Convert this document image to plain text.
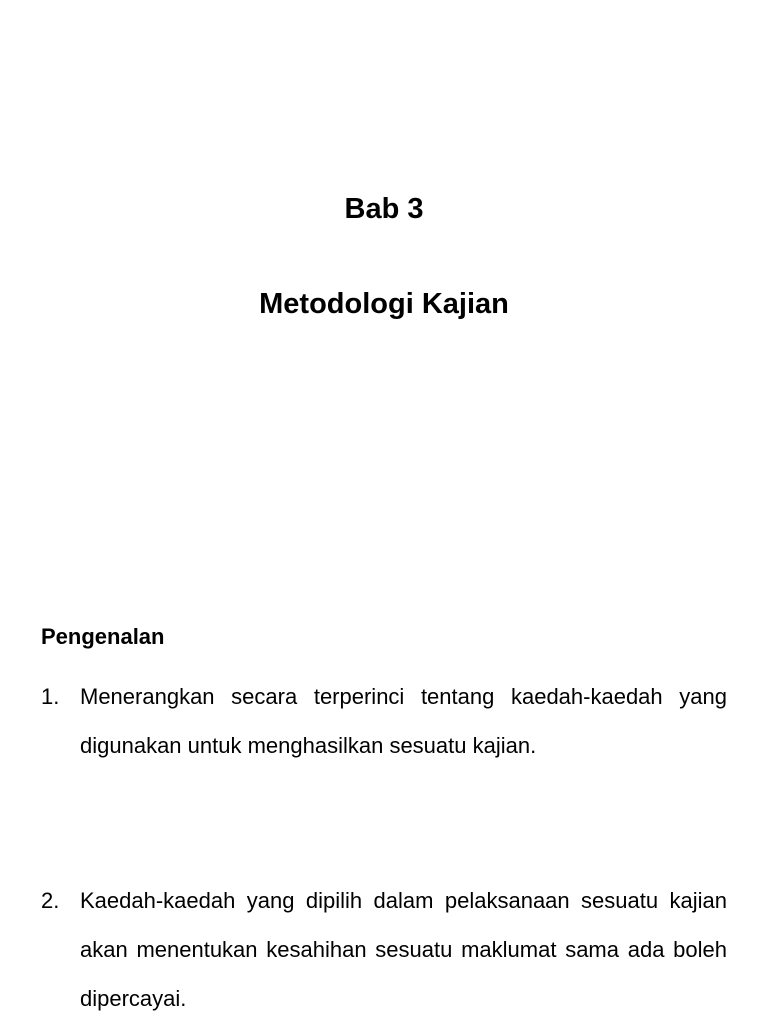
Bab 3
Metodologi Kajian
Pengenalan
1. Menerangkan secara terperinci tentang kaedah-kaedah yang digunakan untuk menghasilkan sesuatu kajian.
2. Kaedah-kaedah yang dipilih dalam pelaksanaan sesuatu kajian akan menentukan kesahihan sesuatu maklumat sama ada boleh dipercayai.
